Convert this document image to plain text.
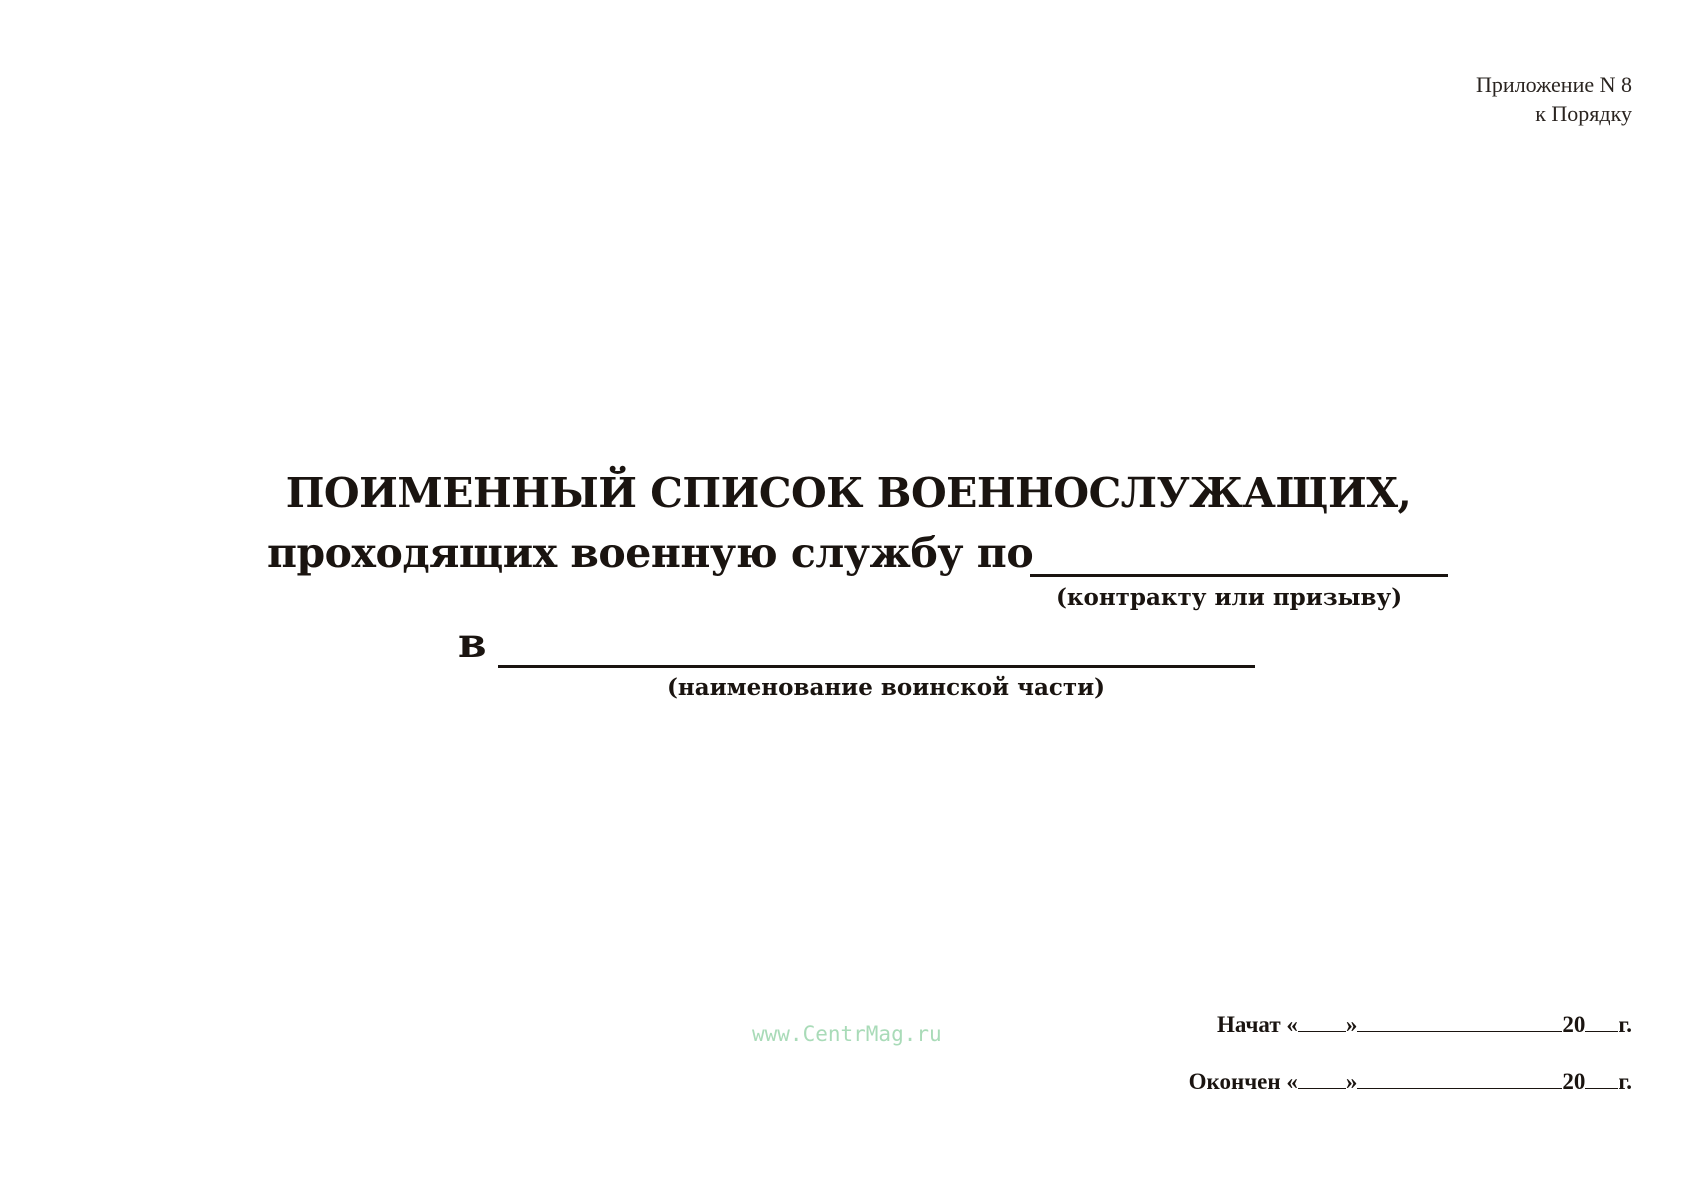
Приложение N 8
к Порядку
ПОИМЕННЫЙ СПИСОК ВОЕННОСЛУЖАЩИХ,
проходящих военную службу по
(контракту или призыву)
в
(наименование воинской части)
www.CentrMag.ru	Начат « »	20 г.
Окончен « »	20 г.
